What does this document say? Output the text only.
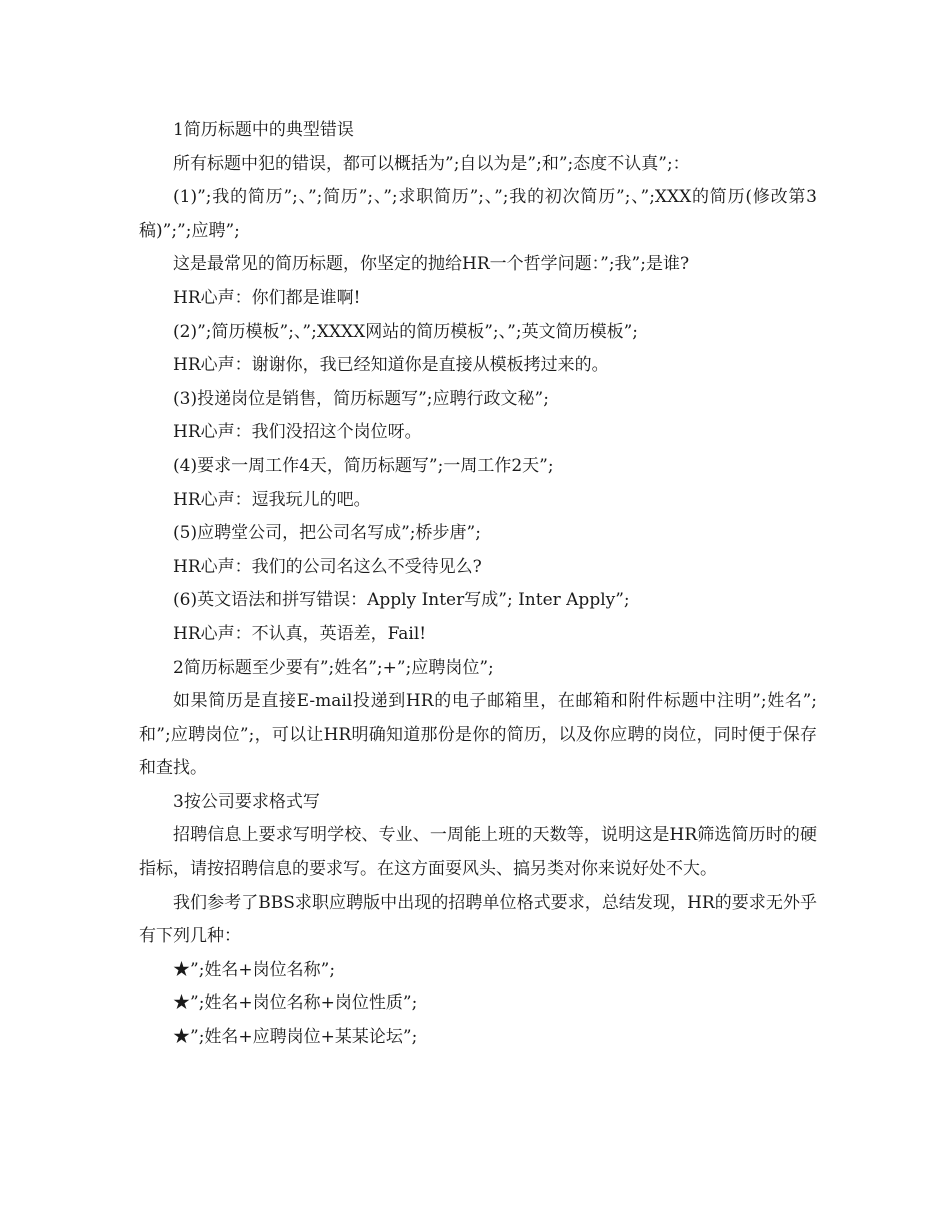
1简历标题中的典型错误

所有标题中犯的错误，都可以概括为”;自以为是”;和”;态度不认真”;：

(1)”;我的简历”;、”;简历”;、”;求职简历”;、”;我的初次简历”;、”;XXX的简历(修改第3稿)”;”;应聘”;

这是最常见的简历标题，你坚定的抛给HR一个哲学问题：”;我”;是谁?

HR心声：你们都是谁啊!

(2)”;简历模板”;、”;XXXX网站的简历模板”;、”;英文简历模板”;

HR心声：谢谢你，我已经知道你是直接从模板拷过来的。

(3)投递岗位是销售，简历标题写”;应聘行政文秘”;

HR心声：我们没招这个岗位呀。

(4)要求一周工作4天，简历标题写”;一周工作2天”;

HR心声：逗我玩儿的吧。

(5)应聘堂公司，把公司名写成”;桥步唐”;

HR心声：我们的公司名这么不受待见么?

(6)英文语法和拼写错误：Apply Inter写成”; Inter Apply”;

HR心声：不认真，英语差，Fail!

2简历标题至少要有”;姓名”;+”;应聘岗位”;

如果简历是直接E-mail投递到HR的电子邮箱里，在邮箱和附件标题中注明”;姓名”;和”;应聘岗位”;，可以让HR明确知道那份是你的简历，以及你应聘的岗位，同时便于保存和查找。

3按公司要求格式写

招聘信息上要求写明学校、专业、一周能上班的天数等，说明这是HR筛选简历时的硬指标，请按招聘信息的要求写。在这方面耍风头、搞另类对你来说好处不大。

我们参考了BBS求职应聘版中出现的招聘单位格式要求，总结发现，HR的要求无外乎有下列几种：

★”;姓名+岗位名称”;

★”;姓名+岗位名称+岗位性质”;

★”;姓名+应聘岗位+某某论坛”;
